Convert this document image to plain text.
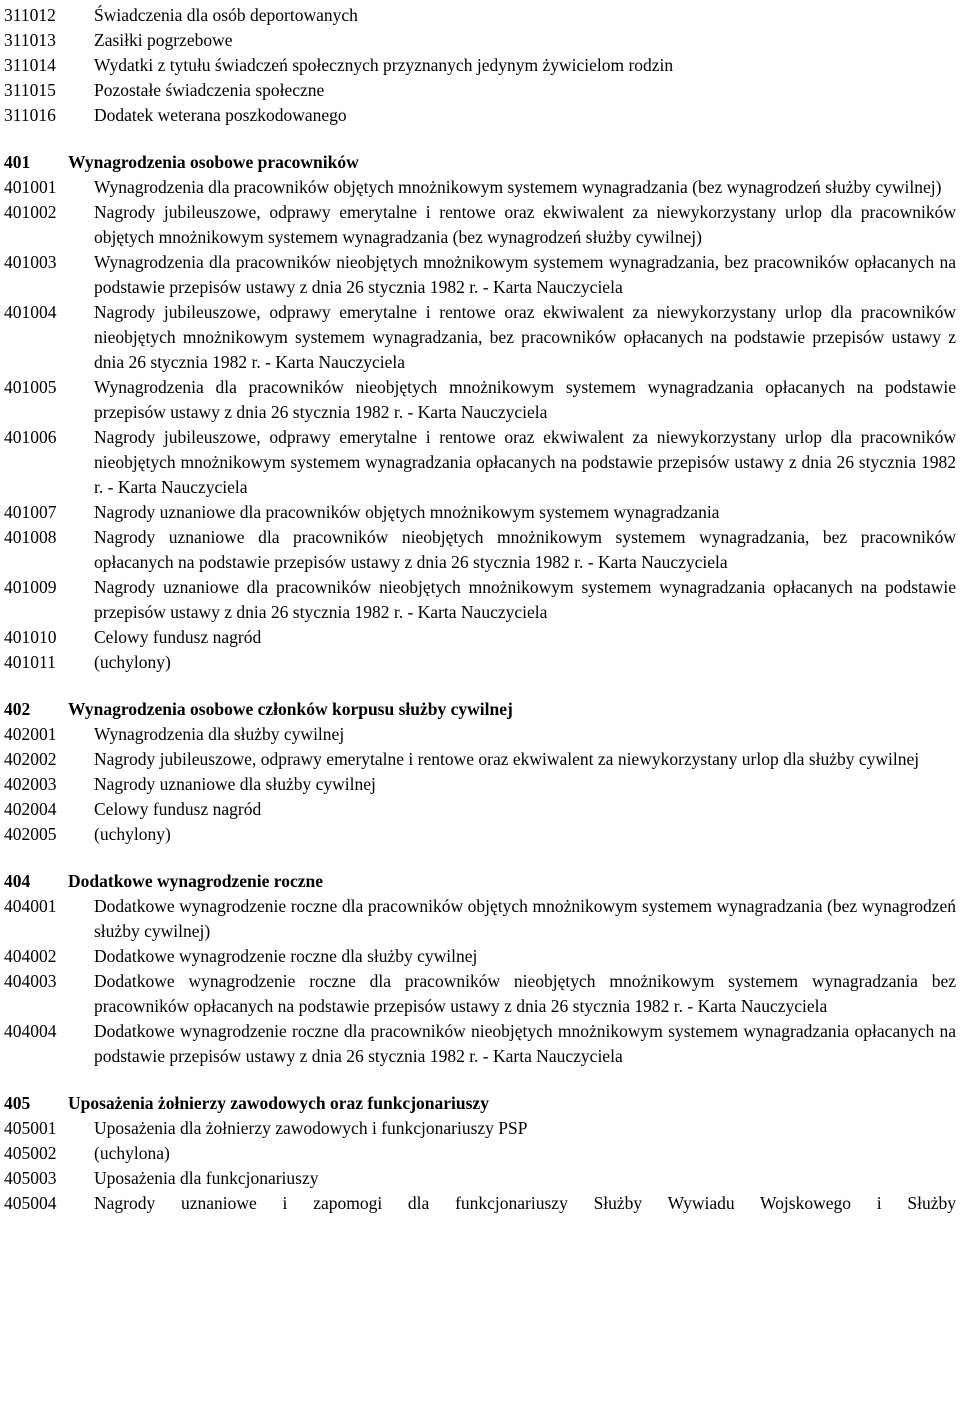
311012	Świadczenia dla osób deportowanych
311013	Zasiłki pogrzebowe
311014	Wydatki z tytułu świadczeń społecznych przyznanych jedynym żywicielom rodzin
311015	Pozostałe świadczenia społeczne
311016	Dodatek weterana poszkodowanego
401	Wynagrodzenia osobowe pracowników
401001	Wynagrodzenia dla pracowników objętych mnożnikowym systemem wynagradzania (bez wynagrodzeń służby cywilnej)
401002	Nagrody jubileuszowe, odprawy emerytalne i rentowe oraz ekwiwalent za niewykorzystany urlop dla pracowników objętych mnożnikowym systemem wynagradzania (bez wynagrodzeń służby cywilnej)
401003	Wynagrodzenia dla pracowników nieobjętych mnożnikowym systemem wynagradzania, bez pracowników opłacanych na podstawie przepisów ustawy z dnia 26 stycznia 1982 r. - Karta Nauczyciela
401004	Nagrody jubileuszowe, odprawy emerytalne i rentowe oraz ekwiwalent za niewykorzystany urlop dla pracowników nieobjętych mnożnikowym systemem wynagradzania, bez pracowników opłacanych na podstawie przepisów ustawy z dnia 26 stycznia 1982 r. - Karta Nauczyciela
401005	Wynagrodzenia dla pracowników nieobjętych mnożnikowym systemem wynagradzania opłacanych na podstawie przepisów ustawy z dnia 26 stycznia 1982 r. - Karta Nauczyciela
401006	Nagrody jubileuszowe, odprawy emerytalne i rentowe oraz ekwiwalent za niewykorzystany urlop dla pracowników nieobjętych mnożnikowym systemem wynagradzania opłacanych na podstawie przepisów ustawy z dnia 26 stycznia 1982 r. - Karta Nauczyciela
401007	Nagrody uznaniowe dla pracowników objętych mnożnikowym systemem wynagradzania
401008	Nagrody uznaniowe dla pracowników nieobjętych mnożnikowym systemem wynagradzania, bez pracowników opłacanych na podstawie przepisów ustawy z dnia 26 stycznia 1982 r. - Karta Nauczyciela
401009	Nagrody uznaniowe dla pracowników nieobjętych mnożnikowym systemem wynagradzania opłacanych na podstawie przepisów ustawy z dnia 26 stycznia 1982 r. - Karta Nauczyciela
401010	Celowy fundusz nagród
401011	(uchylony)
402	Wynagrodzenia osobowe członków korpusu służby cywilnej
402001	Wynagrodzenia dla służby cywilnej
402002	Nagrody jubileuszowe, odprawy emerytalne i rentowe oraz ekwiwalent za niewykorzystany urlop dla służby cywilnej
402003	Nagrody uznaniowe dla służby cywilnej
402004	Celowy fundusz nagród
402005	(uchylony)
404	Dodatkowe wynagrodzenie roczne
404001	Dodatkowe wynagrodzenie roczne dla pracowników objętych mnożnikowym systemem wynagradzania (bez wynagrodzeń służby cywilnej)
404002	Dodatkowe wynagrodzenie roczne dla służby cywilnej
404003	Dodatkowe wynagrodzenie roczne dla pracowników nieobjętych mnożnikowym systemem wynagradzania bez pracowników opłacanych na podstawie przepisów ustawy z dnia 26 stycznia 1982 r. - Karta Nauczyciela
404004	Dodatkowe wynagrodzenie roczne dla pracowników nieobjętych mnożnikowym systemem wynagradzania opłacanych na podstawie przepisów ustawy z dnia 26 stycznia 1982 r. - Karta Nauczyciela
405	Uposażenia żołnierzy zawodowych oraz funkcjonariuszy
405001	Uposażenia dla żołnierzy zawodowych i funkcjonariuszy PSP
405002	(uchylona)
405003	Uposażenia dla funkcjonariuszy
405004	Nagrody uznaniowe i zapomogi dla funkcjonariuszy Służby Wywiadu Wojskowego i Służby
